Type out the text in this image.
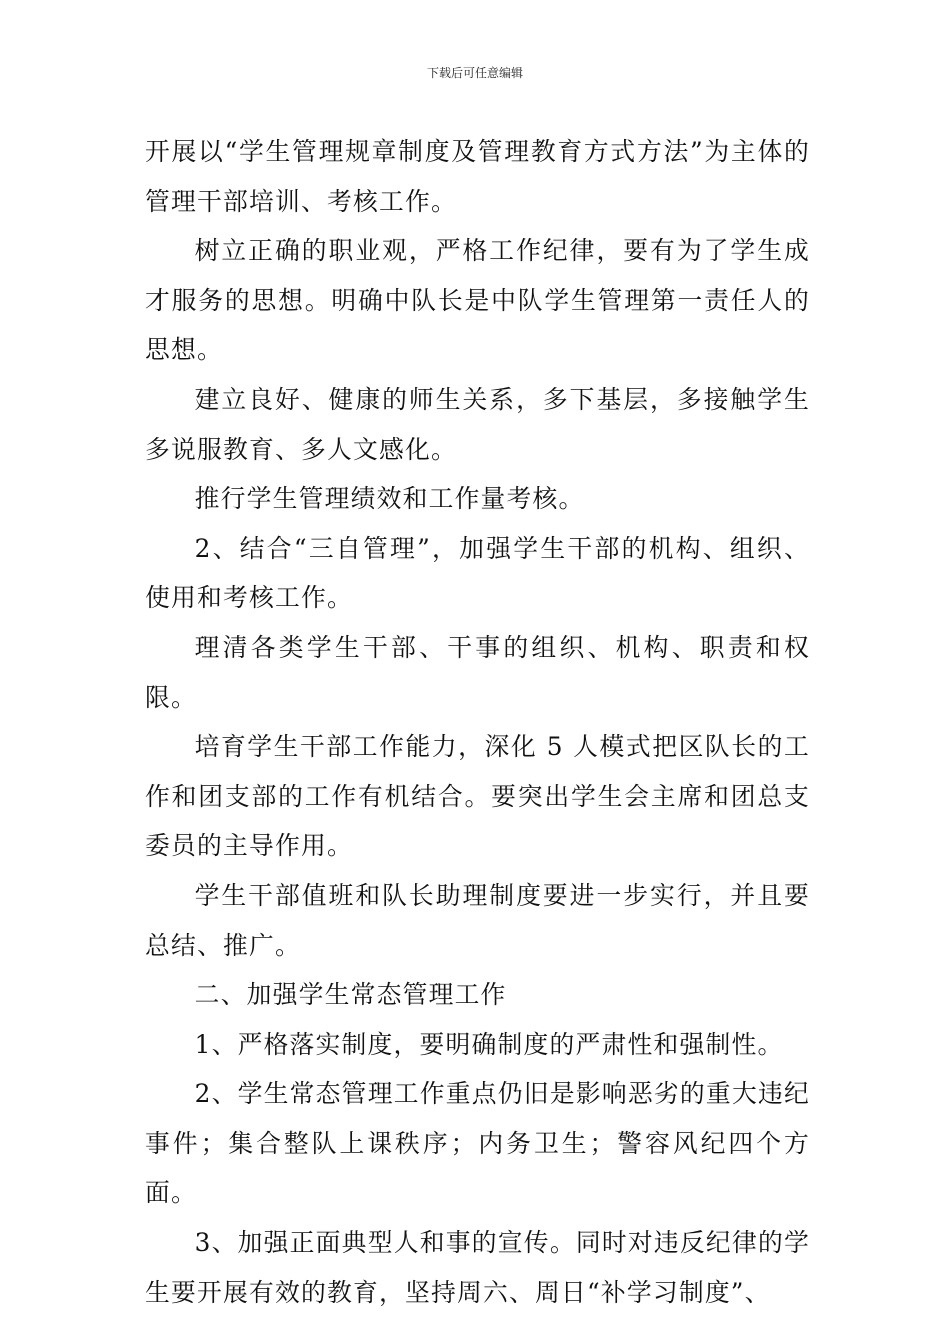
下载后可任意编辑

开展以“学生管理规章制度及管理教育方式方法”为主体的管理干部培训、考核工作。

树立正确的职业观，严格工作纪律，要有为了学生成才服务的思想。明确中队长是中队学生管理第一责任人的思想。

建立良好、健康的师生关系，多下基层，多接触学生多说服教育、多人文感化。

推行学生管理绩效和工作量考核。

2、结合“三自管理”，加强学生干部的机构、组织、使用和考核工作。

理清各类学生干部、干事的组织、机构、职责和权限。

培育学生干部工作能力，深化 5 人模式把区队长的工作和团支部的工作有机结合。要突出学生会主席和团总支委员的主导作用。

学生干部值班和队长助理制度要进一步实行，并且要总结、推广。

二、加强学生常态管理工作

1、严格落实制度，要明确制度的严肃性和强制性。

2、学生常态管理工作重点仍旧是影响恶劣的重大违纪事件；集合整队上课秩序；内务卫生；警容风纪四个方面。

3、加强正面典型人和事的宣传。同时对违反纪律的学生要开展有效的教育，坚持周六、周日“补学习制度”、
